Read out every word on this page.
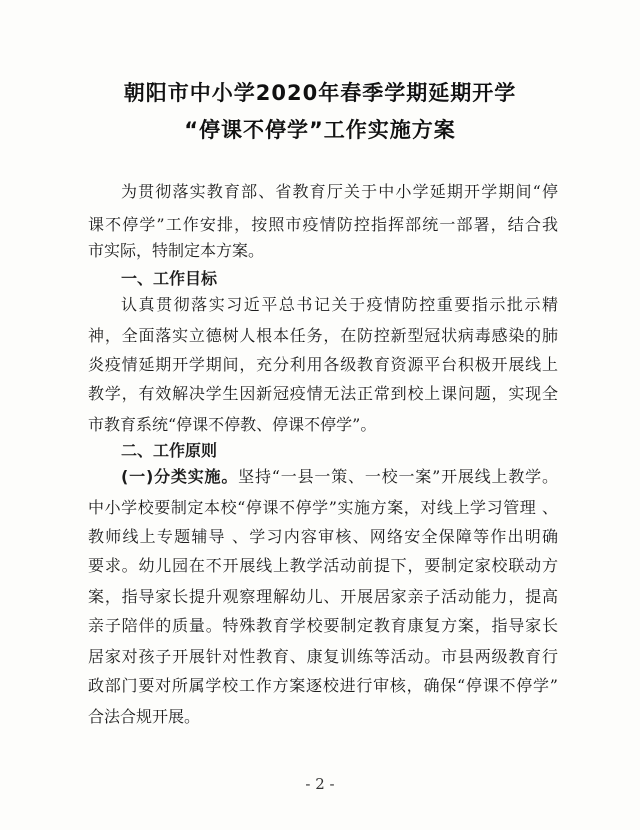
朝阳市中小学2020年春季学期延期开学
“停课不停学”工作实施方案
为贯彻落实教育部、省教育厅关于中小学延期开学期间“停
课不停学”工作安排，按照市疫情防控指挥部统一部署，结合我
市实际，特制定本方案。
一、工作目标
认真贯彻落实习近平总书记关于疫情防控重要指示批示精
神，全面落实立德树人根本任务，在防控新型冠状病毒感染的肺
炎疫情延期开学期间，充分利用各级教育资源平台积极开展线上
教学，有效解决学生因新冠疫情无法正常到校上课问题，实现全
市教育系统“停课不停教、停课不停学”。
二、工作原则
(一)分类实施。坚持“一县一策、一校一案”开展线上教学。
中小学校要制定本校“停课不停学”实施方案，对线上学习管理 、
教师线上专题辅导 、学习内容审核、网络安全保障等作出明确
要求。幼儿园在不开展线上教学活动前提下，要制定家校联动方
案，指导家长提升观察理解幼儿、开展居家亲子活动能力，提高
亲子陪伴的质量。特殊教育学校要制定教育康复方案，指导家长
居家对孩子开展针对性教育、康复训练等活动。市县两级教育行
政部门要对所属学校工作方案逐校进行审核，确保“停课不停学”
合法合规开展。
- 2 -
